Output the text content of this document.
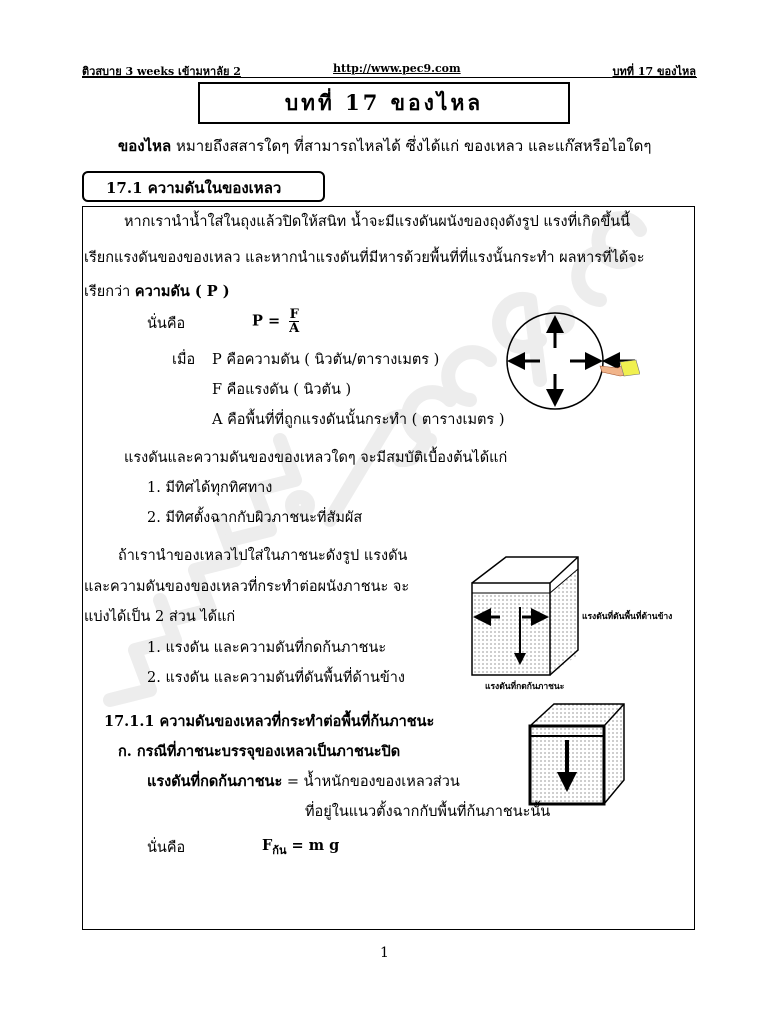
ติวสบาย 3 weeks เข้ามหาลัย 2	http://www.pec9.com	บทที่ 17 ของไหล
บทที่ 17 ของไหล
ของไหล หมายถึงสสารใดๆ ที่สามารถไหลได้ ซึ่งได้แก่ ของเหลว และแก๊สหรือไอใดๆ
17.1 ความดันในของเหลว
หากเรานำน้ำใส่ในถุงแล้วปิดให้สนิท น้ำจะมีแรงดันผนังของถุงดังรูป แรงที่เกิดขึ้นนี้
เรียกแรงดันของของเหลว และหากนำแรงดันที่มีหารด้วยพื้นที่ที่แรงนั้นกระทำ ผลหารที่ได้จะ
เรียกว่า ความดัน ( P )
นั่นคือ	$P = \frac{F}{A}$
เมื่อ P คือความดัน ( นิวตัน/ตารางเมตร )
F คือแรงดัน ( นิวตัน )
A คือพื้นที่ที่ถูกแรงดันนั้นกระทำ ( ตารางเมตร )
แรงดันและความดันของของเหลวใดๆ จะมีสมบัติเบื้องต้นได้แก่
1. มีทิศได้ทุกทิศทาง
2. มีทิศตั้งฉากกับผิวภาชนะที่สัมผัส
ถ้าเรานำของเหลวไปใส่ในภาชนะดังรูป แรงดัน
และความดันของของเหลวที่กระทำต่อผนังภาชนะ จะ
แบ่งได้เป็น 2 ส่วน ได้แก่
1. แรงดัน และความดันที่กดก้นภาชนะ
2. แรงดัน และความดันที่ดันพื้นที่ด้านข้าง
แรงดันที่ดันพื้นที่ด้านข้าง
แรงดันที่กดก้นภาชนะ
17.1.1 ความดันของเหลวที่กระทำต่อพื้นที่ก้นภาชนะ
ก. กรณีที่ภาชนะบรรจุของเหลวเป็นภาชนะปิด
แรงดันที่กดก้นภาชนะ = น้ำหนักของของเหลวส่วน
ที่อยู่ในแนวตั้งฉากกับพื้นที่ก้นภาชนะนั้น
นั่นคือ	$F_{ก้น} = m$ g
1
